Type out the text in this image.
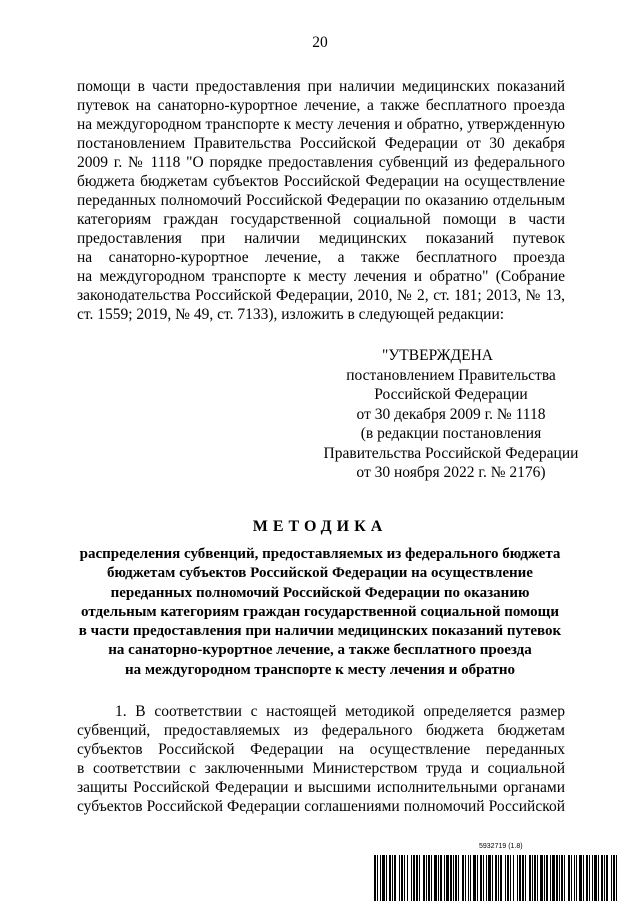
20
помощи в части предоставления при наличии медицинских показаний
путевок на санаторно-курортное лечение, а также бесплатного проезда
на междугородном транспорте к месту лечения и обратно, утвержденную
постановлением Правительства Российской Федерации от 30 декабря
2009 г. № 1118 "О порядке предоставления субвенций из федерального
бюджета бюджетам субъектов Российской Федерации на осуществление
переданных полномочий Российской Федерации по оказанию отдельным
категориям граждан государственной социальной помощи в части
предоставления при наличии медицинских показаний путевок
на санаторно-курортное лечение, а также бесплатного проезда
на междугородном транспорте к месту лечения и обратно" (Собрание
законодательства Российской Федерации, 2010, № 2, ст. 181; 2013, № 13,
ст. 1559; 2019, № 49, ст. 7133), изложить в следующей редакции:
"УТВЕРЖДЕНА
постановлением Правительства
Российской Федерации
от 30 декабря 2009 г. № 1118
(в редакции постановления
Правительства Российской Федерации
от 30 ноября 2022 г. № 2176)
МЕТОДИКА
распределения субвенций, предоставляемых из федерального бюджета
бюджетам субъектов Российской Федерации на осуществление
переданных полномочий Российской Федерации по оказанию
отдельным категориям граждан государственной социальной помощи
в части предоставления при наличии медицинских показаний путевок
на санаторно-курортное лечение, а также бесплатного проезда
на междугородном транспорте к месту лечения и обратно
1. В соответствии с настоящей методикой определяется размер
субвенций, предоставляемых из федерального бюджета бюджетам
субъектов Российской Федерации на осуществление переданных
в соответствии с заключенными Министерством труда и социальной
защиты Российской Федерации и высшими исполнительными органами
субъектов Российской Федерации соглашениями полномочий Российской
5932719 (1.8)
